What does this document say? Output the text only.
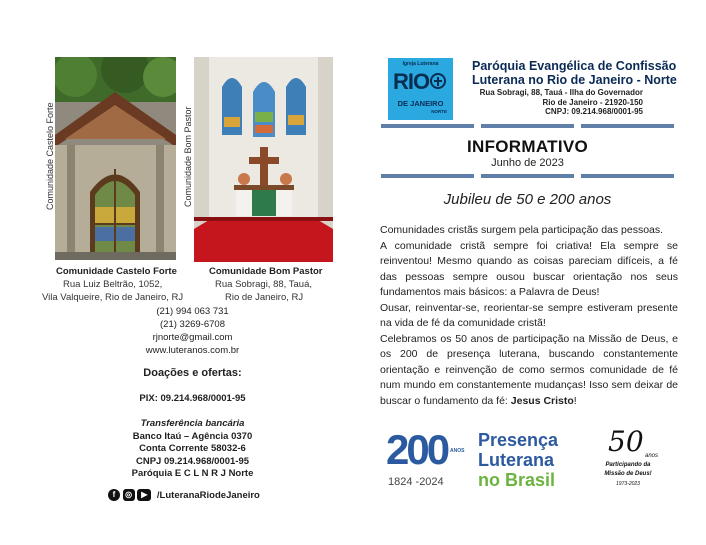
Comunidade Castelo Forte	Comunidade Bom Pastor
Comunidade Castelo Forte
Rua Luiz Beltrão, 1052,
Vila Valqueire, Rio de Janeiro, RJ
Comunidade Bom Pastor
Rua Sobragi, 88, Tauá,
Rio de Janeiro, RJ
(21) 994 063 731
(21) 3269-6708
rjnorte@gmail.com
www.luteranos.com.br
Doações e ofertas:
PIX: 09.214.968/0001-95
Transferência bancária
Banco Itaú – Agência 0370
Conta Corrente 58032-6
CNPJ 09.214.968/0001-95
Paróquia E C L N R J Norte
f ◎ ▶ /LuteranaRiodeJaneiro
Igreja Luterana
RIO
DE JANEIRO
NORTE
Paróquia Evangélica de Confissão
Luterana no Rio de Janeiro - Norte
Rua Sobragi, 88, Tauá - Ilha do Governador
Rio de Janeiro - 21920-150
CNPJ: 09.214.968/0001-95
INFORMATIVO
Junho de 2023
Jubileu de 50 e 200 anos

Comunidades cristãs surgem pela participação das pessoas.

A comunidade cristã sempre foi criativa! Ela sempre se reinventou! Mesmo quando as coisas pareciam difíceis, a fé das pessoas sempre ousou buscar orientação nos seus fundamentos mais básicos: a Palavra de Deus!

Ousar, reinventar-se, reorientar-se sempre estiveram presente na vida de fé da comunidade cristã!

Celebramos os 50 anos de participação na Missão de Deus, e os 200 de presença luterana, buscando constantemente orientação e reinvenção de como sermos comunidade de fé num mundo em constantemente mudanças! Isso sem deixar de buscar o fundamento da fé: Jesus Cristo!

200 ANOS
1824 -2024
Presença
Luterana
no Brasil
50 anos
Participando da
Missão de Deus!
1973-2023
